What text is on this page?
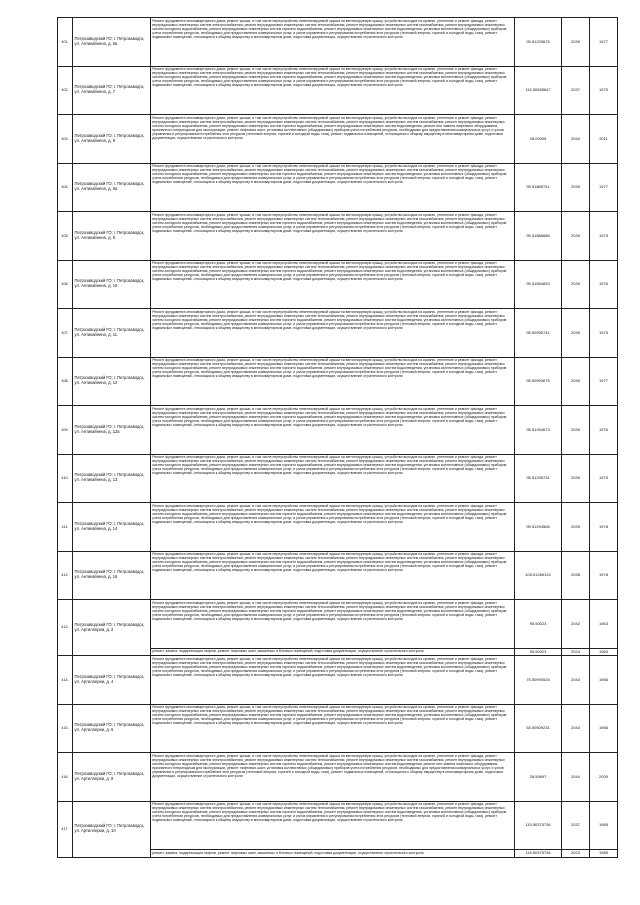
401.	Петрозаводский ГО; г. Петрозаводск, ул. Антикайнена, д. 6а	Ремонт фундамента многоквартирного дома, ремонт крыши, в том числе переустройство невентилируемой крыши на вентилируемую крышу, устройство выходов на кровлю, утепление и ремонт фасада, ремонт внутридомовых инженерных систем электроснабжения, ремонт внутридомовых инженерных систем теплоснабжения, ремонт внутридомовых инженерных систем газоснабжения, ремонт внутридомовых инженерных систем холодного водоснабжения, ремонт внутридомовых инженерных систем горячего водоснабжения, ремонт внутридомовых инженерных систем водоотведения, установка коллективных (общедомовых) приборов учета потребления ресурсов, необходимых для предоставления коммунальных услуг, и узлов управления и регулирования потребления этих ресурсов (тепловой энергии, горячей и холодной воды, газа), ремонт подвальных помещений, относящихся к общему имуществу в многоквартирном доме, подготовка документации, осуществление строительного контроля	95.51293675	2039	1977
402.	Петрозаводский ГО; г. Петрозаводск, ул. Антикайнена, д. 7	Ремонт фундамента многоквартирного дома, ремонт крыши, в том числе переустройство невентилируемой крыши на вентилируемую крышу, устройство выходов на кровлю, утепление и ремонт фасада, ремонт внутридомовых инженерных систем электроснабжения, ремонт внутридомовых инженерных систем теплоснабжения, ремонт внутридомовых инженерных систем газоснабжения, ремонт внутридомовых инженерных систем холодного водоснабжения, ремонт внутридомовых инженерных систем горячего водоснабжения, ремонт внутридомовых инженерных систем водоотведения, установка коллективных (общедомовых) приборов учета потребления ресурсов, необходимых для предоставления коммунальных услуг, и узлов управления и регулирования потребления этих ресурсов (тепловой энергии, горячей и холодной воды, газа), ремонт подвальных помещений, относящихся к общему имуществу в многоквартирном доме, подготовка документации, осуществление строительного контроля	115.50585647	2037	1975
403.	Петрозаводский ГО; г. Петрозаводск, ул. Антикайнена, д. 8	Ремонт фундамента многоквартирного дома, ремонт крыши, в том числе переустройство невентилируемой крыши на вентилируемую крышу, устройство выходов на кровлю, утепление и ремонт фасада, ремонт внутридомовых инженерных систем электроснабжения, ремонт внутридомовых инженерных систем теплоснабжения, ремонт внутридомовых инженерных систем газоснабжения, ремонт внутридомовых инженерных систем холодного водоснабжения, ремонт внутридомовых инженерных систем горячего водоснабжения, ремонт внутридомовых инженерных систем водоотведения, ремонт или замена лифтового оборудования, признанного непригодным для эксплуатации, ремонт лифтовых шахт, установка коллективных (общедомовых) приборов учета потребления ресурсов, необходимых для предоставления коммунальных услуг, и узлов управления и регулирования потребления этих ресурсов (тепловой энергии, горячей и холодной воды, газа), ремонт подвальных помещений, относящихся к общему имуществу в многоквартирном доме, подготовка документации, осуществление строительного контроля	28.00005	2044	2011
404.	Петрозаводский ГО; г. Петрозаводск, ул. Антикайнена, д. 8а	Ремонт фундамента многоквартирного дома, ремонт крыши, в том числе переустройство невентилируемой крыши на вентилируемую крышу, устройство выходов на кровлю, утепление и ремонт фасада, ремонт внутридомовых инженерных систем электроснабжения, ремонт внутридомовых инженерных систем теплоснабжения, ремонт внутридомовых инженерных систем газоснабжения, ремонт внутридомовых инженерных систем холодного водоснабжения, ремонт внутридомовых инженерных систем горячего водоснабжения, ремонт внутридомовых инженерных систем водоотведения, установка коллективных (общедомовых) приборов учета потребления ресурсов, необходимых для предоставления коммунальных услуг, и узлов управления и регулирования потребления этих ресурсов (тепловой энергии, горячей и холодной воды, газа), ремонт подвальных помещений, относящихся к общему имуществу в многоквартирном доме, подготовка документации, осуществление строительного контроля	95.51885741	2039	1977
405.	Петрозаводский ГО; г. Петрозаводск, ул. Антикайнена, д. 9	Ремонт фундамента многоквартирного дома, ремонт крыши, в том числе переустройство невентилируемой крыши на вентилируемую крышу, устройство выходов на кровлю, утепление и ремонт фасада, ремонт внутридомовых инженерных систем электроснабжения, ремонт внутридомовых инженерных систем теплоснабжения, ремонт внутридомовых инженерных систем газоснабжения, ремонт внутридомовых инженерных систем холодного водоснабжения, ремонт внутридомовых инженерных систем горячего водоснабжения, ремонт внутридомовых инженерных систем водоотведения, установка коллективных (общедомовых) приборов учета потребления ресурсов, необходимых для предоставления коммунальных услуг, и узлов управления и регулирования потребления этих ресурсов (тепловой энергии, горячей и холодной воды, газа), ремонт подвальных помещений, относящихся к общему имуществу в многоквартирном доме, подготовка документации, осуществление строительного контроля	95.51886686	2039	1975
406.	Петрозаводский ГО; г. Петрозаводск, ул. Антикайнена, д. 10	Ремонт фундамента многоквартирного дома, ремонт крыши, в том числе переустройство невентилируемой крыши на вентилируемую крышу, устройство выходов на кровлю, утепление и ремонт фасада, ремонт внутридомовых инженерных систем электроснабжения, ремонт внутридомовых инженерных систем теплоснабжения, ремонт внутридомовых инженерных систем газоснабжения, ремонт внутридомовых инженерных систем холодного водоснабжения, ремонт внутридомовых инженерных систем горячего водоснабжения, ремонт внутридомовых инженерных систем водоотведения, установка коллективных (общедомовых) приборов учета потребления ресурсов, необходимых для предоставления коммунальных услуг, и узлов управления и регулирования потребления этих ресурсов (тепловой энергии, горячей и холодной воды, газа), ремонт подвальных помещений, относящихся к общему имуществу в многоквартирном доме, подготовка документации, осуществление строительного контроля	95.51564833	2039	1976
407.	Петрозаводский ГО; г. Петрозаводск, ул. Антикайнена, д. 11	Ремонт фундамента многоквартирного дома, ремонт крыши, в том числе переустройство невентилируемой крыши на вентилируемую крышу, устройство выходов на кровлю, утепление и ремонт фасада, ремонт внутридомовых инженерных систем электроснабжения, ремонт внутридомовых инженерных систем теплоснабжения, ремонт внутридомовых инженерных систем газоснабжения, ремонт внутридомовых инженерных систем холодного водоснабжения, ремонт внутридомовых инженерных систем горячего водоснабжения, ремонт внутридомовых инженерных систем водоотведения, установка коллективных (общедомовых) приборов учета потребления ресурсов, необходимых для предоставления коммунальных услуг, и узлов управления и регулирования потребления этих ресурсов (тепловой энергии, горячей и холодной воды, газа), ремонт подвальных помещений, относящихся к общему имуществу в многоквартирном доме, подготовка документации, осуществление строительного контроля	95.50995741	2039	1975
408.	Петрозаводский ГО; г. Петрозаводск, ул. Антикайнена, д. 12	Ремонт фундамента многоквартирного дома, ремонт крыши, в том числе переустройство невентилируемой крыши на вентилируемую крышу, устройство выходов на кровлю, утепление и ремонт фасада, ремонт внутридомовых инженерных систем электроснабжения, ремонт внутридомовых инженерных систем теплоснабжения, ремонт внутридомовых инженерных систем газоснабжения, ремонт внутридомовых инженерных систем холодного водоснабжения, ремонт внутридомовых инженерных систем горячего водоснабжения, ремонт внутридомовых инженерных систем водоотведения, установка коллективных (общедомовых) приборов учета потребления ресурсов, необходимых для предоставления коммунальных услуг, и узлов управления и регулирования потребления этих ресурсов (тепловой энергии, горячей и холодной воды, газа), ремонт подвальных помещений, относящихся к общему имуществу в многоквартирном доме, подготовка документации, осуществление строительного контроля	95.50993675	2040	1977
409.	Петрозаводский ГО; г. Петрозаводск, ул. Антикайнена, д. 12а	Ремонт фундамента многоквартирного дома, ремонт крыши, в том числе переустройство невентилируемой крыши на вентилируемую крышу, устройство выходов на кровлю, утепление и ремонт фасада, ремонт внутридомовых инженерных систем электроснабжения, ремонт внутридомовых инженерных систем теплоснабжения, ремонт внутридомовых инженерных систем газоснабжения, ремонт внутридомовых инженерных систем холодного водоснабжения, ремонт внутридомовых инженерных систем горячего водоснабжения, ремонт внутридомовых инженерных систем водоотведения, установка коллективных (общедомовых) приборов учета потребления ресурсов, необходимых для предоставления коммунальных услуг, и узлов управления и регулирования потребления этих ресурсов (тепловой энергии, горячей и холодной воды, газа), ремонт подвальных помещений, относящихся к общему имуществу в многоквартирном доме, подготовка документации, осуществление строительного контроля	95.51394673	2039	1976
410.	Петрозаводский ГО; г. Петрозаводск, ул. Антикайнена, д. 13	Ремонт фундамента многоквартирного дома, ремонт крыши, в том числе переустройство невентилируемой крыши на вентилируемую крышу, устройство выходов на кровлю, утепление и ремонт фасада, ремонт внутридомовых инженерных систем электроснабжения, ремонт внутридомовых инженерных систем теплоснабжения, ремонт внутридомовых инженерных систем газоснабжения, ремонт внутридомовых инженерных систем холодного водоснабжения, ремонт внутридомовых инженерных систем горячего водоснабжения, ремонт внутридомовых инженерных систем водоотведения, установка коллективных (общедомовых) приборов учета потребления ресурсов, необходимых для предоставления коммунальных услуг, и узлов управления и регулирования потребления этих ресурсов (тепловой энергии, горячей и холодной воды, газа), ремонт подвальных помещений, относящихся к общему имуществу в многоквартирном доме, подготовка документации, осуществление строительного контроля	95.51295731	2039	1975
411.	Петрозаводский ГО; г. Петрозаводск, ул. Антикайнена, д. 14	Ремонт фундамента многоквартирного дома, ремонт крыши, в том числе переустройство невентилируемой крыши на вентилируемую крышу, устройство выходов на кровлю, утепление и ремонт фасада, ремонт внутридомовых инженерных систем электроснабжения, ремонт внутридомовых инженерных систем теплоснабжения, ремонт внутридомовых инженерных систем газоснабжения, ремонт внутридомовых инженерных систем холодного водоснабжения, ремонт внутридомовых инженерных систем горячего водоснабжения, ремонт внутридомовых инженерных систем водоотведения, установка коллективных (общедомовых) приборов учета потребления ресурсов, необходимых для предоставления коммунальных услуг, и узлов управления и регулирования потребления этих ресурсов (тепловой энергии, горячей и холодной воды, газа), ремонт подвальных помещений, относящихся к общему имуществу в многоквартирном доме, подготовка документации, осуществление строительного контроля	95.51294566	2039	1978
412.	Петрозаводский ГО; г. Петрозаводск, ул. Антикайнена, д. 16	Ремонт фундамента многоквартирного дома, ремонт крыши, в том числе переустройство невентилируемой крыши на вентилируемую крышу, устройство выходов на кровлю, утепление и ремонт фасада, ремонт внутридомовых инженерных систем электроснабжения, ремонт внутридомовых инженерных систем теплоснабжения, ремонт внутридомовых инженерных систем газоснабжения, ремонт внутридомовых инженерных систем холодного водоснабжения, ремонт внутридомовых инженерных систем горячего водоснабжения, ремонт внутридомовых инженерных систем водоотведения, установка коллективных (общедомовых) приборов учета потребления ресурсов, необходимых для предоставления коммунальных услуг, и узлов управления и регулирования потребления этих ресурсов (тепловой энергии, горячей и холодной воды, газа), ремонт подвальных помещений, относящихся к общему имуществу в многоквартирном доме, подготовка документации, осуществление строительного контроля	105.51265124	2038	1978
413.	Петрозаводский ГО; г. Петрозаводск, ул. Артиллерии, д. 2	Ремонт фундамента многоквартирного дома, ремонт крыши, в том числе переустройство невентилируемой крыши на вентилируемую крышу, устройство выходов на кровлю, утепление и ремонт фасада, ремонт внутридомовых инженерных систем электроснабжения, ремонт внутридомовых инженерных систем теплоснабжения, ремонт внутридомовых инженерных систем газоснабжения, ремонт внутридомовых инженерных систем холодного водоснабжения, ремонт внутридомовых инженерных систем горячего водоснабжения, ремонт внутридомовых инженерных систем водоотведения, установка коллективных (общедомовых) приборов учета потребления ресурсов, необходимых для предоставления коммунальных услуг, и узлов управления и регулирования потребления этих ресурсов (тепловой энергии, горячей и холодной воды, газа), ремонт подвальных помещений, относящихся к общему имуществу в многоквартирном доме, подготовка документации, осуществление строительного контроля	95.50023	2042	1963
		ремонт, замена, модернизация лифтов, ремонт лифтовых шахт, машинных и блочных помещений, подготовка документации, осуществление строительного контроля	95.50023	2024	1963
414.	Петрозаводский ГО; г. Петрозаводск, ул. Артиллерии, д. 4	Ремонт фундамента многоквартирного дома, ремонт крыши, в том числе переустройство невентилируемой крыши на вентилируемую крышу, устройство выходов на кровлю, утепление и ремонт фасада, ремонт внутридомовых инженерных систем электроснабжения, ремонт внутридомовых инженерных систем теплоснабжения, ремонт внутридомовых инженерных систем газоснабжения, ремонт внутридомовых инженерных систем холодного водоснабжения, ремонт внутридомовых инженерных систем горячего водоснабжения, ремонт внутридомовых инженерных систем водоотведения, установка коллективных (общедомовых) приборов учета потребления ресурсов, необходимых для предоставления коммунальных услуг, и узлов управления и регулирования потребления этих ресурсов (тепловой энергии, горячей и холодной воды, газа), ремонт подвальных помещений, относящихся к общему имуществу в многоквартирном доме, подготовка документации, осуществление строительного контроля	75.50990525	2043	1966
415.	Петрозаводский ГО; г. Петрозаводск, ул. Артиллерии, д. 6	Ремонт фундамента многоквартирного дома, ремонт крыши, в том числе переустройство невентилируемой крыши на вентилируемую крышу, устройство выходов на кровлю, утепление и ремонт фасада, ремонт внутридомовых инженерных систем электроснабжения, ремонт внутридомовых инженерных систем теплоснабжения, ремонт внутридомовых инженерных систем газоснабжения, ремонт внутридомовых инженерных систем холодного водоснабжения, ремонт внутридомовых инженерных систем горячего водоснабжения, ремонт внутридомовых инженерных систем водоотведения, установка коллективных (общедомовых) приборов учета потребления ресурсов, необходимых для предоставления коммунальных услуг, и узлов управления и регулирования потребления этих ресурсов (тепловой энергии, горячей и холодной воды, газа), ремонт подвальных помещений, относящихся к общему имуществу в многоквартирном доме, подготовка документации, осуществление строительного контроля	54.50509231	2043	1966
416.	Петрозаводский ГО; г. Петрозаводск, ул. Артиллерии, д. 8	Ремонт фундамента многоквартирного дома, ремонт крыши, в том числе переустройство невентилируемой крыши на вентилируемую крышу, устройство выходов на кровлю, утепление и ремонт фасада, ремонт внутридомовых инженерных систем электроснабжения, ремонт внутридомовых инженерных систем теплоснабжения, ремонт внутридомовых инженерных систем газоснабжения, ремонт внутридомовых инженерных систем холодного водоснабжения, ремонт внутридомовых инженерных систем горячего водоснабжения, ремонт внутридомовых инженерных систем водоотведения, ремонт или замена лифтового оборудования, признанного непригодным для эксплуатации, ремонт лифтовых шахт, установка коллективных (общедомовых) приборов учета потребления ресурсов, необходимых для предоставления коммунальных услуг, и узлов управления и регулирования потребления этих ресурсов (тепловой энергии, горячей и холодной воды, газа), ремонт подвальных помещений, относящихся к общему имуществу в многоквартирном доме, подготовка документации, осуществление строительного контроля	28.50697	2044	2009
417.	Петрозаводский ГО; г. Петрозаводск, ул. Артиллерии, д. 10	Ремонт фундамента многоквартирного дома, ремонт крыши, в том числе переустройство невентилируемой крыши на вентилируемую крышу, устройство выходов на кровлю, утепление и ремонт фасада, ремонт внутридомовых инженерных систем электроснабжения, ремонт внутридомовых инженерных систем теплоснабжения, ремонт внутридомовых инженерных систем газоснабжения, ремонт внутридомовых инженерных систем холодного водоснабжения, ремонт внутридомовых инженерных систем горячего водоснабжения, ремонт внутридомовых инженерных систем водоотведения, установка коллективных (общедомовых) приборов учета потребления ресурсов, необходимых для предоставления коммунальных услуг, и узлов управления и регулирования потребления этих ресурсов (тепловой энергии, горячей и холодной воды, газа), ремонт подвальных помещений, относящихся к общему имуществу в многоквартирном доме, подготовка документации, осуществление строительного контроля	115.50375736	2037	1985
		ремонт, замена, модернизация лифтов, ремонт лифтовых шахт, машинных и блочных помещений, подготовка документации, осуществление строительного контроля	115.50375736	2023	1985
